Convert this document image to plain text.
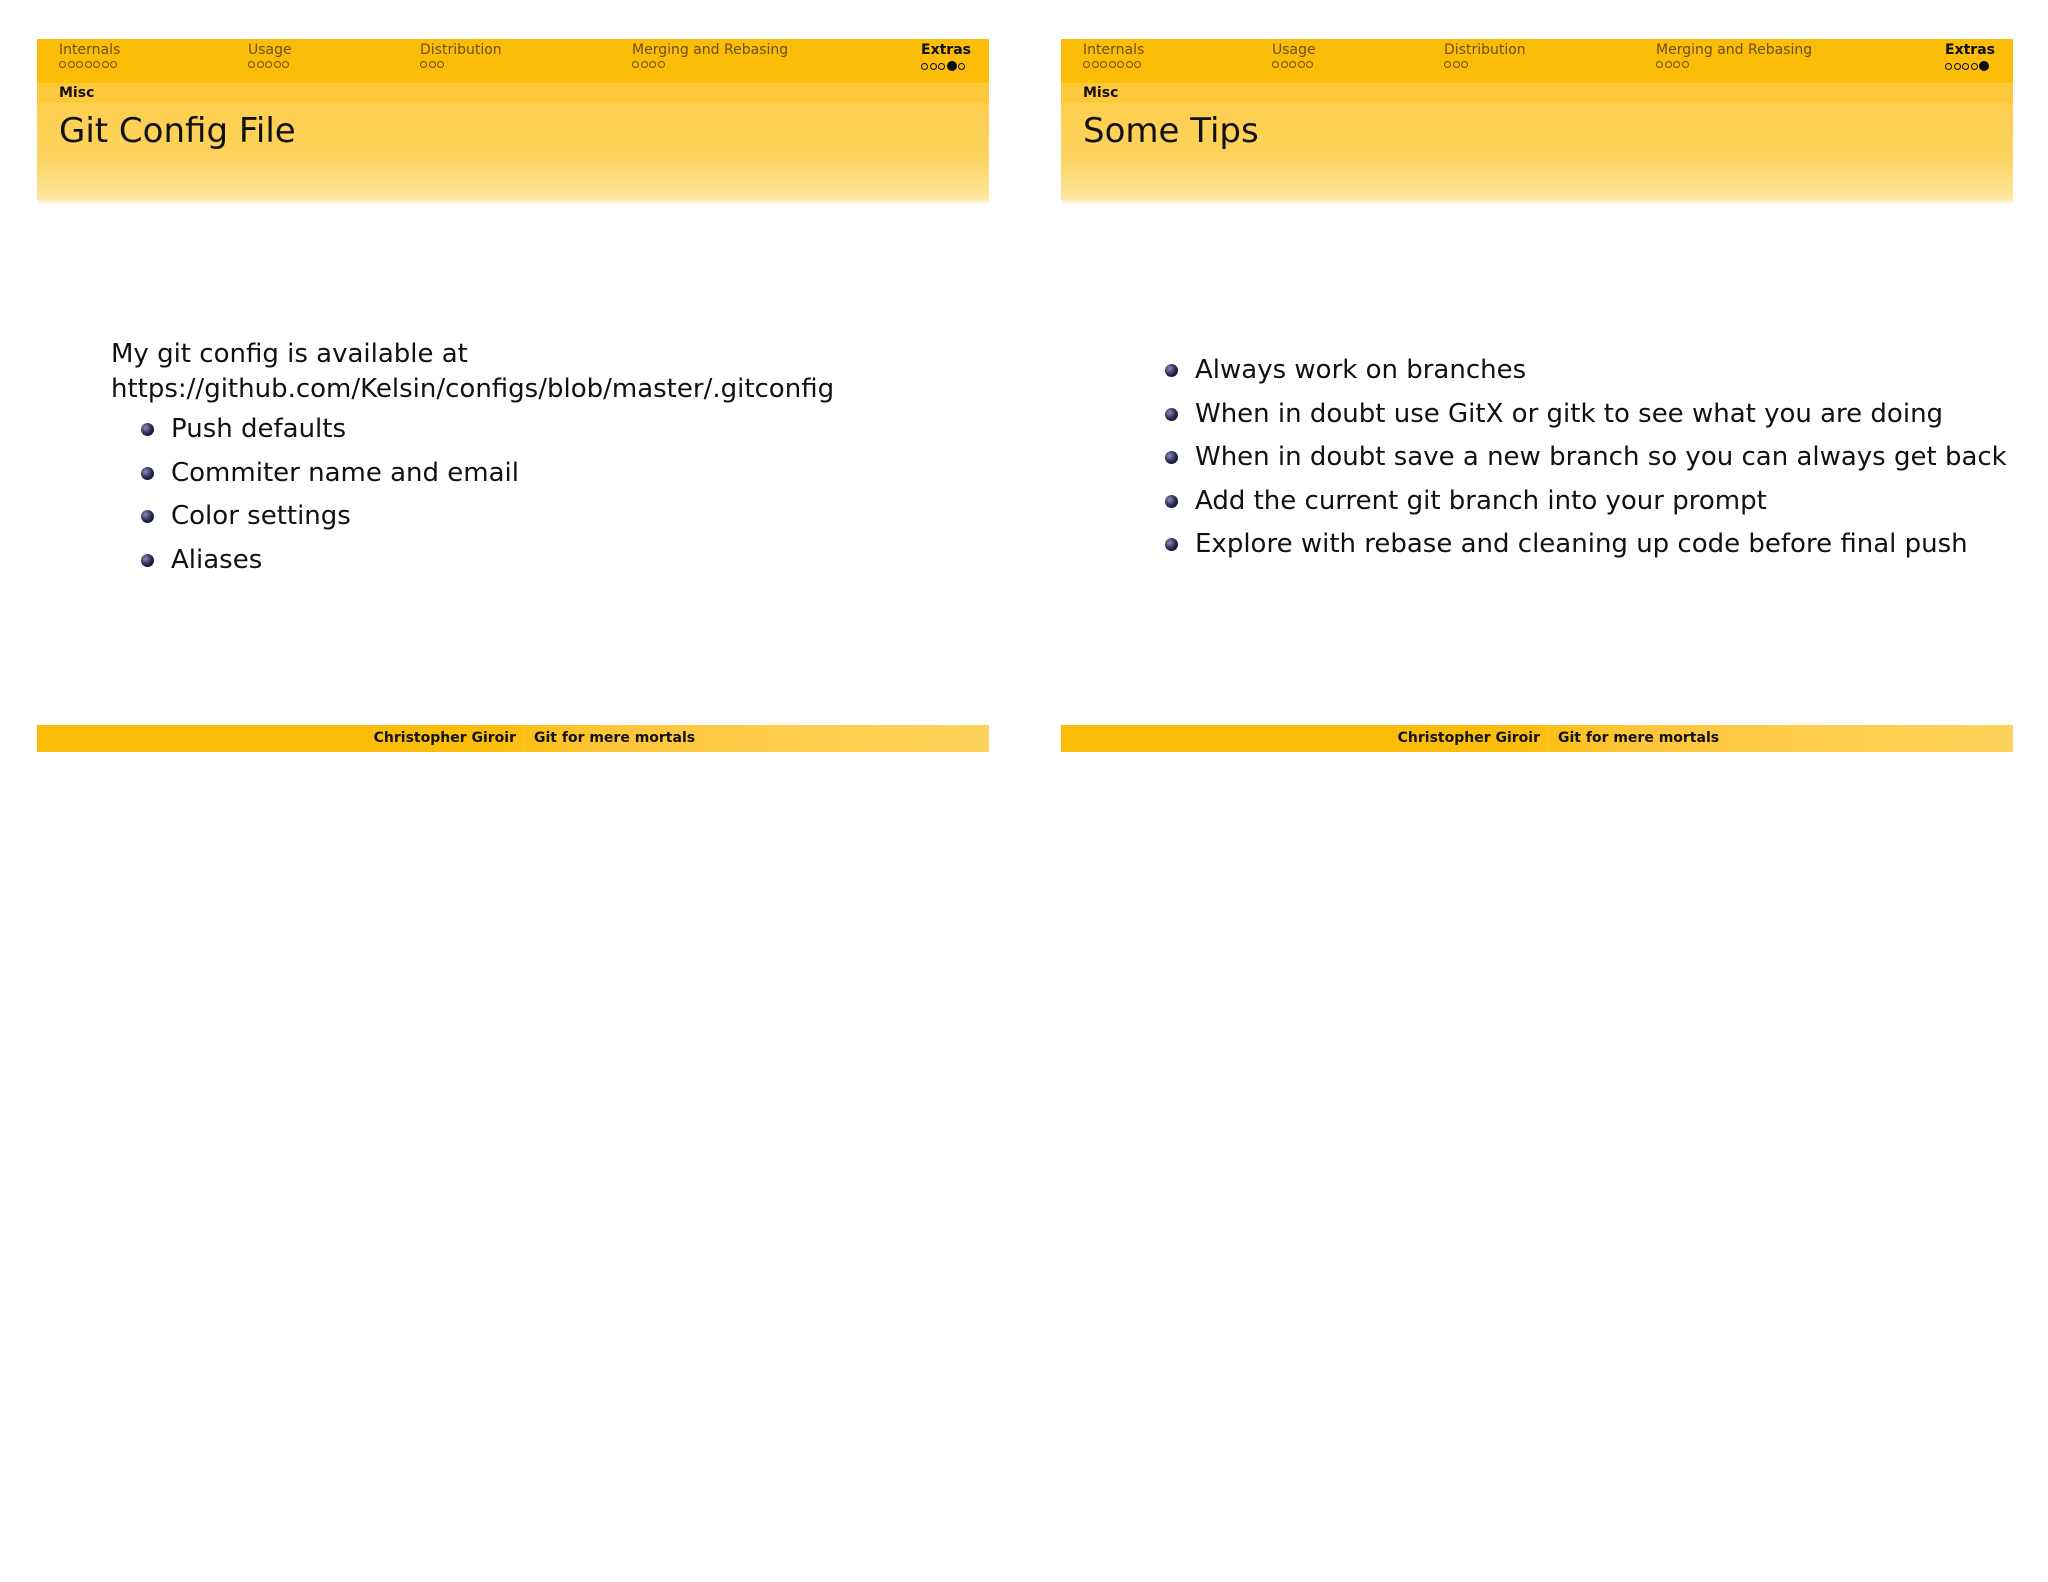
Internals	Usage	Distribution	Merging and Rebasing	Extras
Misc
Git Config File
My git config is available at
https://github.com/Kelsin/configs/blob/master/.gitconfig
Push defaults
Commiter name and email
Color settings
Aliases
Christopher Giroir Git for mere mortals
Internals	Usage	Distribution	Merging and Rebasing	Extras
Misc
Some Tips
Always work on branches
When in doubt use GitX or gitk to see what you are doing
When in doubt save a new branch so you can always get back
Add the current git branch into your prompt
Explore with rebase and cleaning up code before final push
Christopher Giroir Git for mere mortals
